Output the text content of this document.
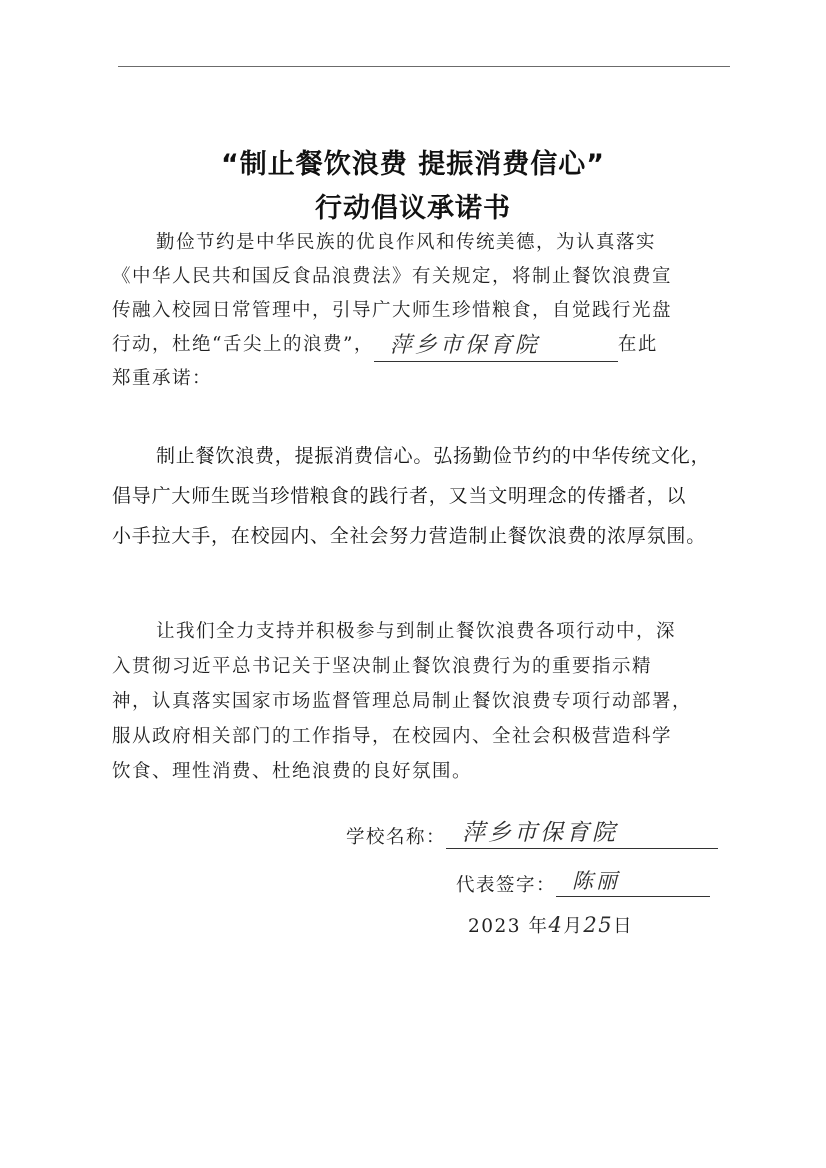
“制止餐饮浪费 提振消费信心”
行动倡议承诺书
勤俭节约是中华民族的优良作风和传统美德，为认真落实
《中华人民共和国反食品浪费法》有关规定，将制止餐饮浪费宣
传融入校园日常管理中，引导广大师生珍惜粮食，自觉践行光盘
行动，杜绝“舌尖上的浪费”， 萍乡市保育院	在此
郑重承诺：
制止餐饮浪费，提振消费信心。弘扬勤俭节约的中华传统文化，
倡导广大师生既当珍惜粮食的践行者，又当文明理念的传播者，以
小手拉大手，在校园内、全社会努力营造制止餐饮浪费的浓厚氛围。
让我们全力支持并积极参与到制止餐饮浪费各项行动中，深
入贯彻习近平总书记关于坚决制止餐饮浪费行为的重要指示精
神，认真落实国家市场监督管理总局制止餐饮浪费专项行动部署，
服从政府相关部门的工作指导，在校园内、全社会积极营造科学
饮食、理性消费、杜绝浪费的良好氛围。
学校名称： 萍乡市保育院
代表签字： 陈丽
2023 年4月25日
